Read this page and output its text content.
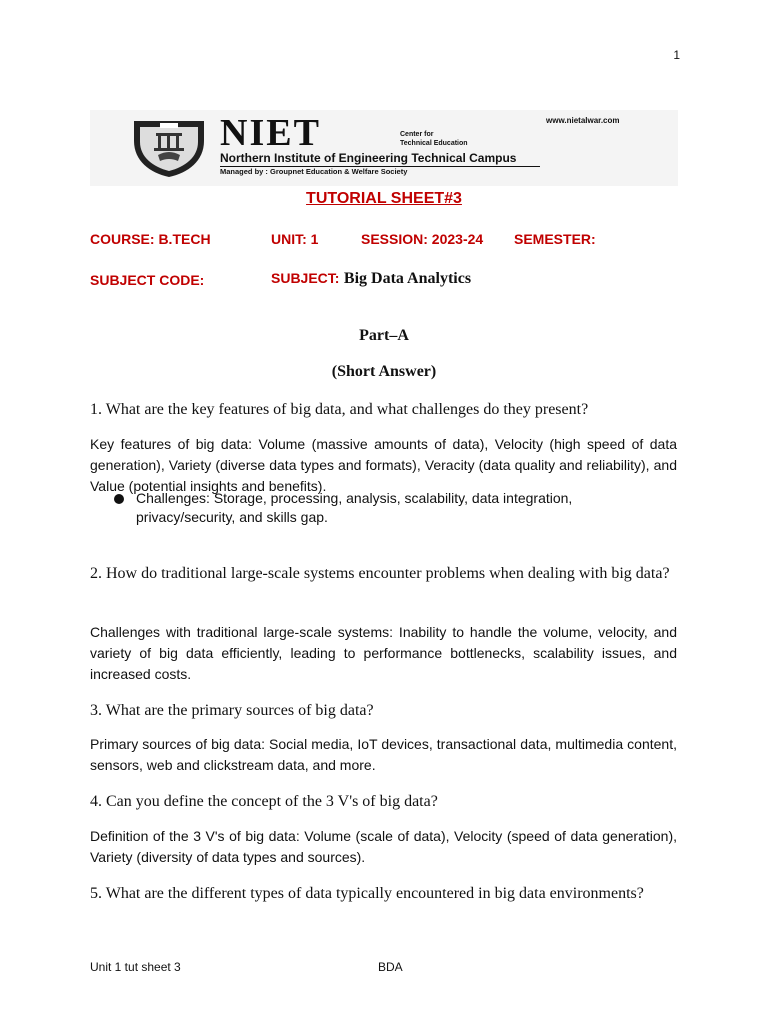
1
NIET	Center for
Technical Education
www.nietalwar.com
Northern Institute of Engineering Technical Campus
Managed by : Groupnet Education & Welfare Society
TUTORIAL SHEET#3
COURSE: B.TECH	UNIT: 1	SESSION: 2023-24 SEMESTER:
SUBJECT CODE:	SUBJECT: Big Data Analytics
Part–A
(Short Answer)
1. What are the key features of big data, and what challenges do they present?
Key features of big data: Volume (massive amounts of data), Velocity (high speed of data generation), Variety (diverse data types and formats), Veracity (data quality and reliability), and Value (potential insights and benefits).
Challenges: Storage, processing, analysis, scalability, data integration, privacy/security, and skills gap.
2. How do traditional large-scale systems encounter problems when dealing with big data?
Challenges with traditional large-scale systems: Inability to handle the volume, velocity, and variety of big data efficiently, leading to performance bottlenecks, scalability issues, and increased costs.
3. What are the primary sources of big data?
Primary sources of big data: Social media, IoT devices, transactional data, multimedia content, sensors, web and clickstream data, and more.
4. Can you define the concept of the 3 V's of big data?
Definition of the 3 V's of big data: Volume (scale of data), Velocity (speed of data generation), Variety (diversity of data types and sources).
5. What are the different types of data typically encountered in big data environments?
Unit 1 tut sheet 3	BDA
